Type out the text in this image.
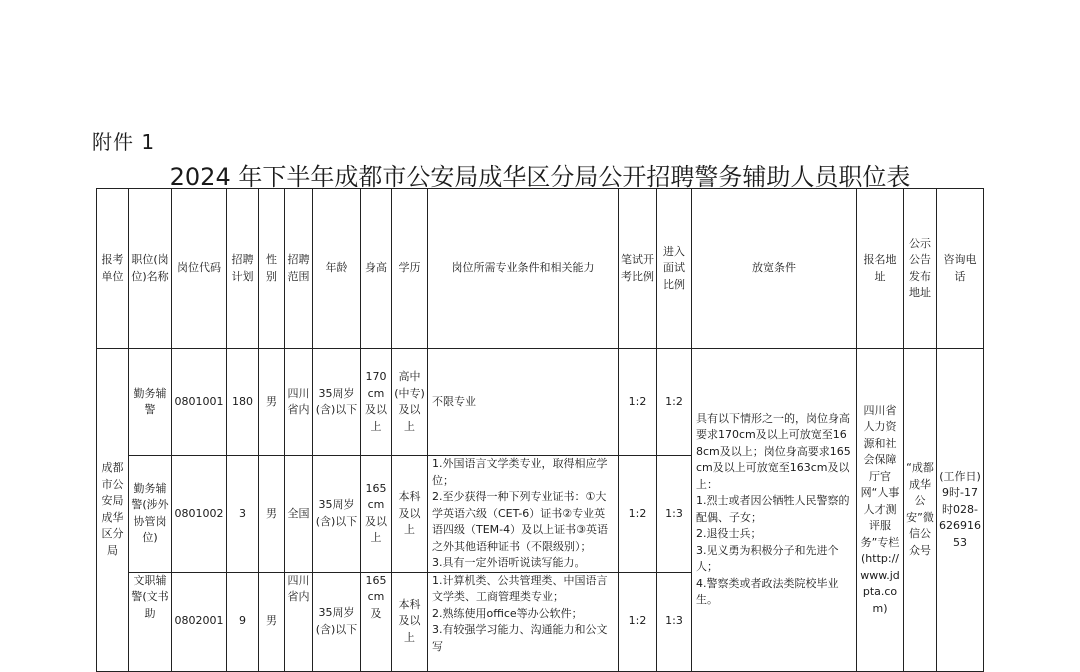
附件 1
2024 年下半年成都市公安局成华区分局公开招聘警务辅助人员职位表
报考单位	职位(岗位)名称	岗位代码	招聘计划	性别	招聘范围	年龄	身高	学历	岗位所需专业条件和相关能力	笔试开考比例	进入面试比例	放宽条件	报名地址	公示公告发布地址	咨询电话
成都市公安局成华区分局	勤务辅警	0801001	180	男	四川省内	35周岁(含)以下	170cm及以上	高中(中专)及以上	不限专业	1:2	1:2	具有以下情形之一的，岗位身高要求170cm及以上可放宽至168cm及以上；岗位身高要求165cm及以上可放宽至163cm及以上：
1.烈士或者因公牺牲人民警察的配偶、子女；
2.退役士兵；
3.见义勇为积极分子和先进个人；
4.警察类或者政法类院校毕业生。	四川省人力资源和社会保障厅官网“人事人才测评服务”专栏(http://www.jdpta.com)	“成都成华公安”微信公众号	(工作日)9时-17时028-626916 53
	勤务辅警(涉外协管岗位)	0801002	3	男	全国	35周岁(含)以下	165cm及以上	本科及以上	1.外国语言文学类专业，取得相应学位；
2.至少获得一种下列专业证书：①大学英语六级（CET-6）证书②专业英语四级（TEM-4）及以上证书③英语之外其他语种证书（不限级别）；
3.具有一定外语听说读写能力。	1:2	1:3				
	文职辅警(文书助	0802001	9	男	四川省内	35周岁(含)以下	165cm及	本科及以上	1.计算机类、公共管理类、中国语言文学类、工商管理类专业；
2.熟练使用office等办公软件；
3.有较强学习能力、沟通能力和公文写	1:2	1:3				
